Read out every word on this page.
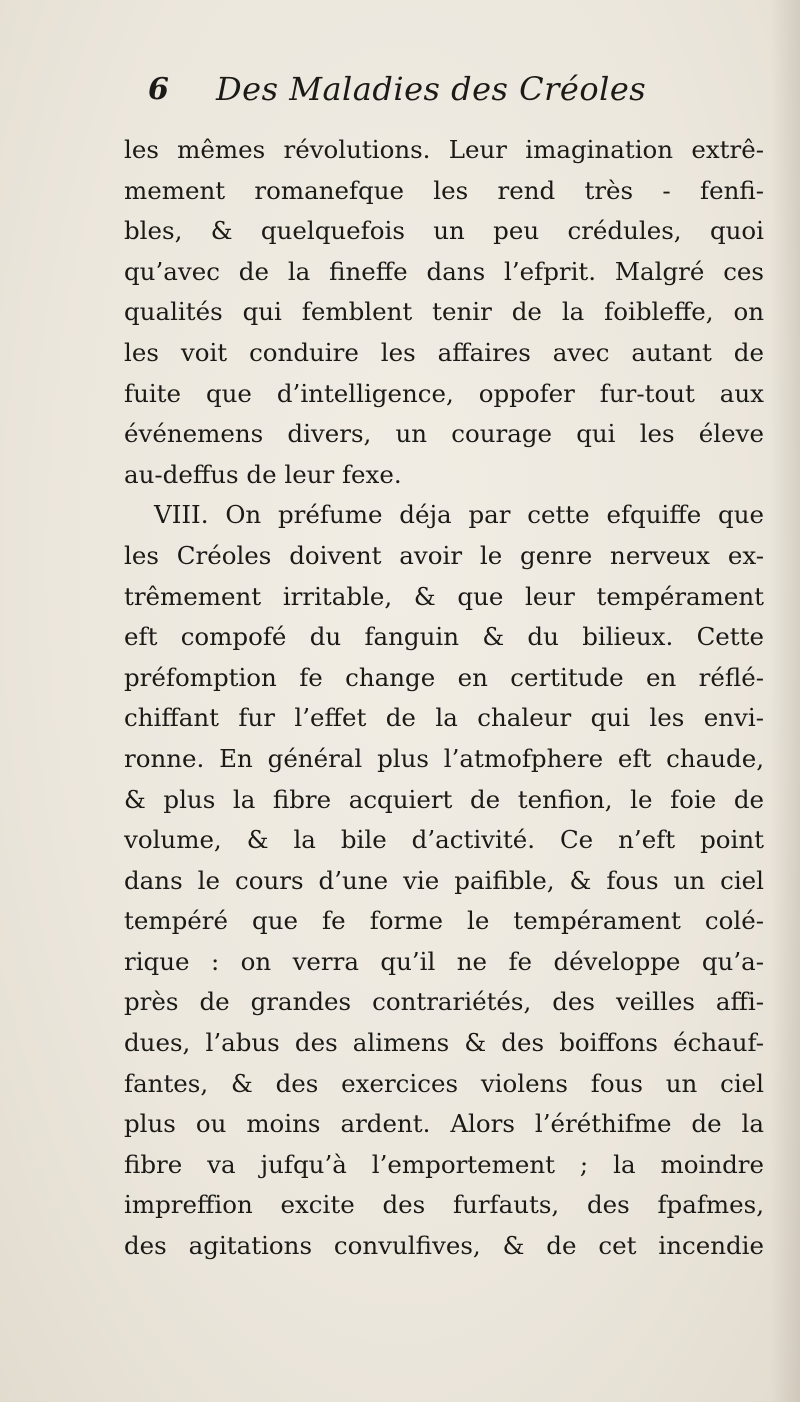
6 Des Maladies des Créoles
les mêmes révolutions. Leur imagination extrê-
mement romanefque les rend très - fenfi-
bles, & quelquefois un peu crédules, quoi
qu’avec de la fineffe dans l’efprit. Malgré ces
qualités qui femblent tenir de la foibleffe, on
les voit conduire les affaires avec autant de
fuite que d’intelligence, oppofer fur-tout aux
événemens divers, un courage qui les éleve
au-deffus de leur fexe.
VIII. On préfume déja par cette efquiffe que
les Créoles doivent avoir le genre nerveux ex-
trêmement irritable, & que leur tempérament
eft compofé du fanguin & du bilieux. Cette
préfomption fe change en certitude en réflé-
chiffant fur l’effet de la chaleur qui les envi-
ronne. En général plus l’atmofphere eft chaude,
& plus la fibre acquiert de tenfion, le foie de
volume, & la bile d’activité. Ce n’eft point
dans le cours d’une vie paifible, & fous un ciel
tempéré que fe forme le tempérament colé-
rique : on verra qu’il ne fe développe qu’a-
près de grandes contrariétés, des veilles affi-
dues, l’abus des alimens & des boiffons échauf-
fantes, & des exercices violens fous un ciel
plus ou moins ardent. Alors l’éréthifme de la
fibre va jufqu’à l’emportement ; la moindre
impreffion excite des furfauts, des fpafmes,
des agitations convulfives, & de cet incendie
